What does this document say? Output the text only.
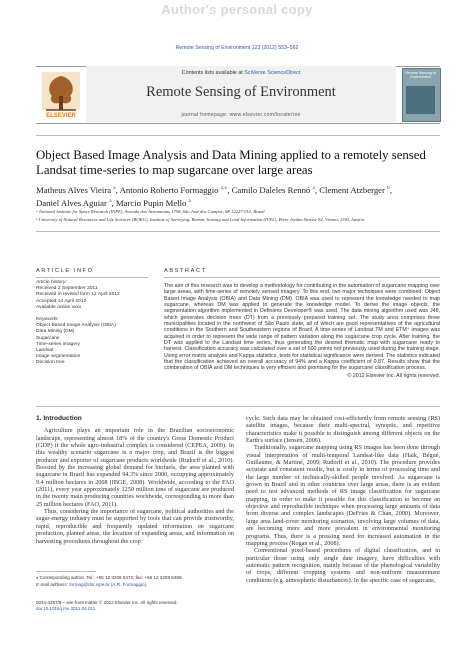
Author's personal copy
Remote Sensing of Environment 123 (2012) 553–562
ELSEVIER
Contents lists available at SciVerse ScienceDirect
Remote Sensing of Environment
journal homepage: www.elsevier.com/locate/rse
Remote Sensing of Environment
Object Based Image Analysis and Data Mining applied to a remotely sensed Landsat time-series to map sugarcane over large areas
Matheus Alves Vieira $^a$, Antonio Roberto Formaggio $^{a,⁎}$, Camilo Daleles Rennó $^a$, Clement Atzberger $^b$,
Daniel Alves Aguiar $^a$, Marcio Pupin Mello $^a$
ᵃ National Institute for Space Research (INPE), Avenida dos Astronautas 1758, São José dos Campos, SP 12227-010, Brazil
ᵇ University of Natural Resources and Life Sciences (BOKU), Institute of Surveying, Remote Sensing and Land Information (IVFL), Peter Jordan Strasse 82, Vienna, 1190, Austria
ARTICLE INFO
Article history:
Received 2 September 2011
Received in revised form 12 April 2012
Accepted 14 April 2012
Available online xxxx
Keywords:
Object Based Image Analysis (OBIA)
Data Mining (DM)
Sugarcane
Time-series imagery
Landsat
Image segmentation
Decision tree
ABSTRACT
The aim of this research was to develop a methodology for contributing in the automation of sugarcane mapping over large areas, with time-series of remotely sensed imagery. To this end, two major techniques were combined: Object Based Image Analysis (OBIA) and Data Mining (DM). OBIA was used to represent the knowledge needed to map sugarcane, whereas DM was applied to generate the knowledge model. To derive the image objects, the segmentation algorithm implemented in Definiens Developer® was used. The data mining algorithm used was J48, which generates decision trees (DT) from a previously prepared training set. The study area comprises three municipalities located in the northwest of São Paulo state, all of which are good representatives of the agricultural conditions in the Southern and Southeastern regions of Brazil. A time-series of Landsat TM and ETM⁺ images was acquired in order to represent the wide range of pattern variation along the sugarcane crop cycle. After training, the DT was applied to the Landsat time series, thus generating the desired thematic map with sugarcane ready to harvest. Classification accuracy was calculated over a set of 500 points not previously used during the training stage. Using error matrix analysis and Kappa statistics, tests for statistical significance were derived. The statistics indicated that the classification achieved an overall accuracy of 94% and a Kappa coefficient of 0.87. Results show that the combination of OBIA and DM techniques is very efficient and promising for the sugarcane classification process.
© 2012 Elsevier Inc. All rights reserved.
1. Introduction

Agriculture plays an important role in the Brazilian socioeconomic landscape, representing almost 18% of the country's Gross Domestic Product (GDP) if the whole agro-industrial complex is considered (CEPEA, 2009). In this wealthy scenario sugarcane is a major crop, and Brazil is the biggest producer and exporter of sugarcane products worldwide (Rudorff et al., 2010). Boosted by the increasing global demand for biofuels, the area planted with sugarcane in Brazil has expanded 94.3% since 2000, occupying approximately 9.4 million hectares in 2008 (IBGE, 2008). Worldwide, according to the FAO (2011), every year approximately 1250 million tons of sugarcane are produced in the twenty main producing countries worldwide, corresponding to more than 25 million hectares (FAO, 2011).

Thus, considering the importance of sugarcane, political authorities and the sugar-energy industry must be supported by tools that can provide trustworthy, rapid, reproducible and frequently updated information on sugarcane production, planted areas, the location of expanding areas, and information on harvesting procedures throughout the crop

cycle. Such data may be obtained cost-efficiently from remote sensing (RS) satellite images, because their multi-spectral, synoptic, and repetitive characteristics make it possible to distinguish among different objects on the Earth's surface (Jensen, 2006).

Traditionally, sugarcane mapping using RS images has been done through visual interpretation of multi-temporal Landsat-like data (Haik, Bégué, Guillaume, & Martiné, 2009; Rudorff et al., 2010). The procedure provides accurate and consistent results, but is costly in terms of processing time and the large number of technically-skilled people involved. As sugarcane is grown in Brazil and in other countries over large areas, there is an evident need to test advanced methods of RS image classification for sugarcane mapping, in order to make it possible for this classification to become an objective and reproducible technique when processing large amounts of data from diverse and complex landscapes (DeFries & Chan, 2000). Moreover, large area land-cover monitoring scenarios, involving large volumes of data, are becoming more and more prevalent in environmental monitoring programs. Thus, there is a pressing need for increased automation in the mapping process (Rogan et al., 2008).

Conventional pixel-based procedures of digital classification, and in particular those using only single date imagery, have difficulties with automatic pattern recognition, mainly because of the phenological variability of crops, different cropping systems and non-uniform measurement conditions (e.g. atmospheric disturbances). In the specific case of sugarcane,

⁎ Corresponding author. Tel.: +55 12 3208 6472; fax: +55 12 3208 6499.
E-mail address: formag@dsr.inpe.br (A.R. Formaggio).
0034-4257/$ – see front matter © 2012 Elsevier Inc. All rights reserved.
doi:10.1016/j.rse.2012.04.011
